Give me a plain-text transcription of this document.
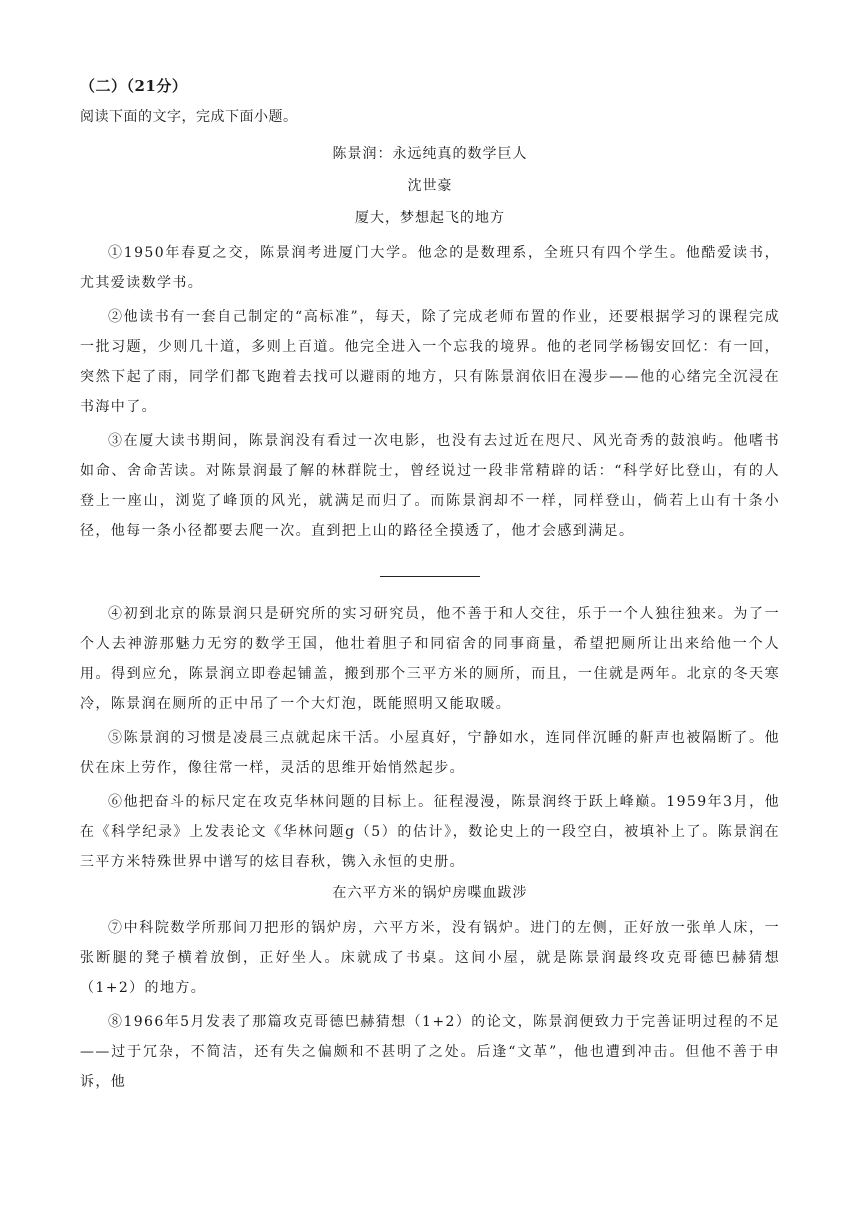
（二）（21分）
阅读下面的文字，完成下面小题。
陈景润：永远纯真的数学巨人
沈世豪
厦大，梦想起飞的地方

①1950年春夏之交，陈景润考进厦门大学。他念的是数理系，全班只有四个学生。他酷爱读书，尤其爱读数学书。

②他读书有一套自己制定的“高标准”，每天，除了完成老师布置的作业，还要根据学习的课程完成一批习题，少则几十道，多则上百道。他完全进入一个忘我的境界。他的老同学杨锡安回忆：有一回，突然下起了雨，同学们都飞跑着去找可以避雨的地方，只有陈景润依旧在漫步——他的心绪完全沉浸在书海中了。

③在厦大读书期间，陈景润没有看过一次电影，也没有去过近在咫尺、风光奇秀的鼓浪屿。他嗜书如命、舍命苦读。对陈景润最了解的林群院士，曾经说过一段非常精辟的话：“科学好比登山，有的人登上一座山，浏览了峰顶的风光，就满足而归了。而陈景润却不一样，同样登山，倘若上山有十条小径，他每一条小径都要去爬一次。直到把上山的路径全摸透了，他才会感到满足。

④初到北京的陈景润只是研究所的实习研究员，他不善于和人交往，乐于一个人独往独来。为了一个人去神游那魅力无穷的数学王国，他壮着胆子和同宿舍的同事商量，希望把厕所让出来给他一个人用。得到应允，陈景润立即卷起铺盖，搬到那个三平方米的厕所，而且，一住就是两年。北京的冬天寒冷，陈景润在厕所的正中吊了一个大灯泡，既能照明又能取暖。

⑤陈景润的习惯是凌晨三点就起床干活。小屋真好，宁静如水，连同伴沉睡的鼾声也被隔断了。他伏在床上劳作，像往常一样，灵活的思维开始悄然起步。

⑥他把奋斗的标尺定在攻克华林问题的目标上。征程漫漫，陈景润终于跃上峰巅。1959年3月，他在《科学纪录》上发表论文《华林问题g（5）的估计》，数论史上的一段空白，被填补上了。陈景润在三平方米特殊世界中谱写的炫目春秋，镌入永恒的史册。

在六平方米的锅炉房喋血跋涉

⑦中科院数学所那间刀把形的锅炉房，六平方米，没有锅炉。进门的左侧，正好放一张单人床，一张断腿的凳子横着放倒，正好坐人。床就成了书桌。这间小屋，就是陈景润最终攻克哥德巴赫猜想（1+2）的地方。

⑧1966年5月发表了那篇攻克哥德巴赫猜想（1+2）的论文，陈景润便致力于完善证明过程的不足——过于冗杂，不简洁，还有失之偏颇和不甚明了之处。后逢“文革”，他也遭到冲击。但他不善于申诉，他
